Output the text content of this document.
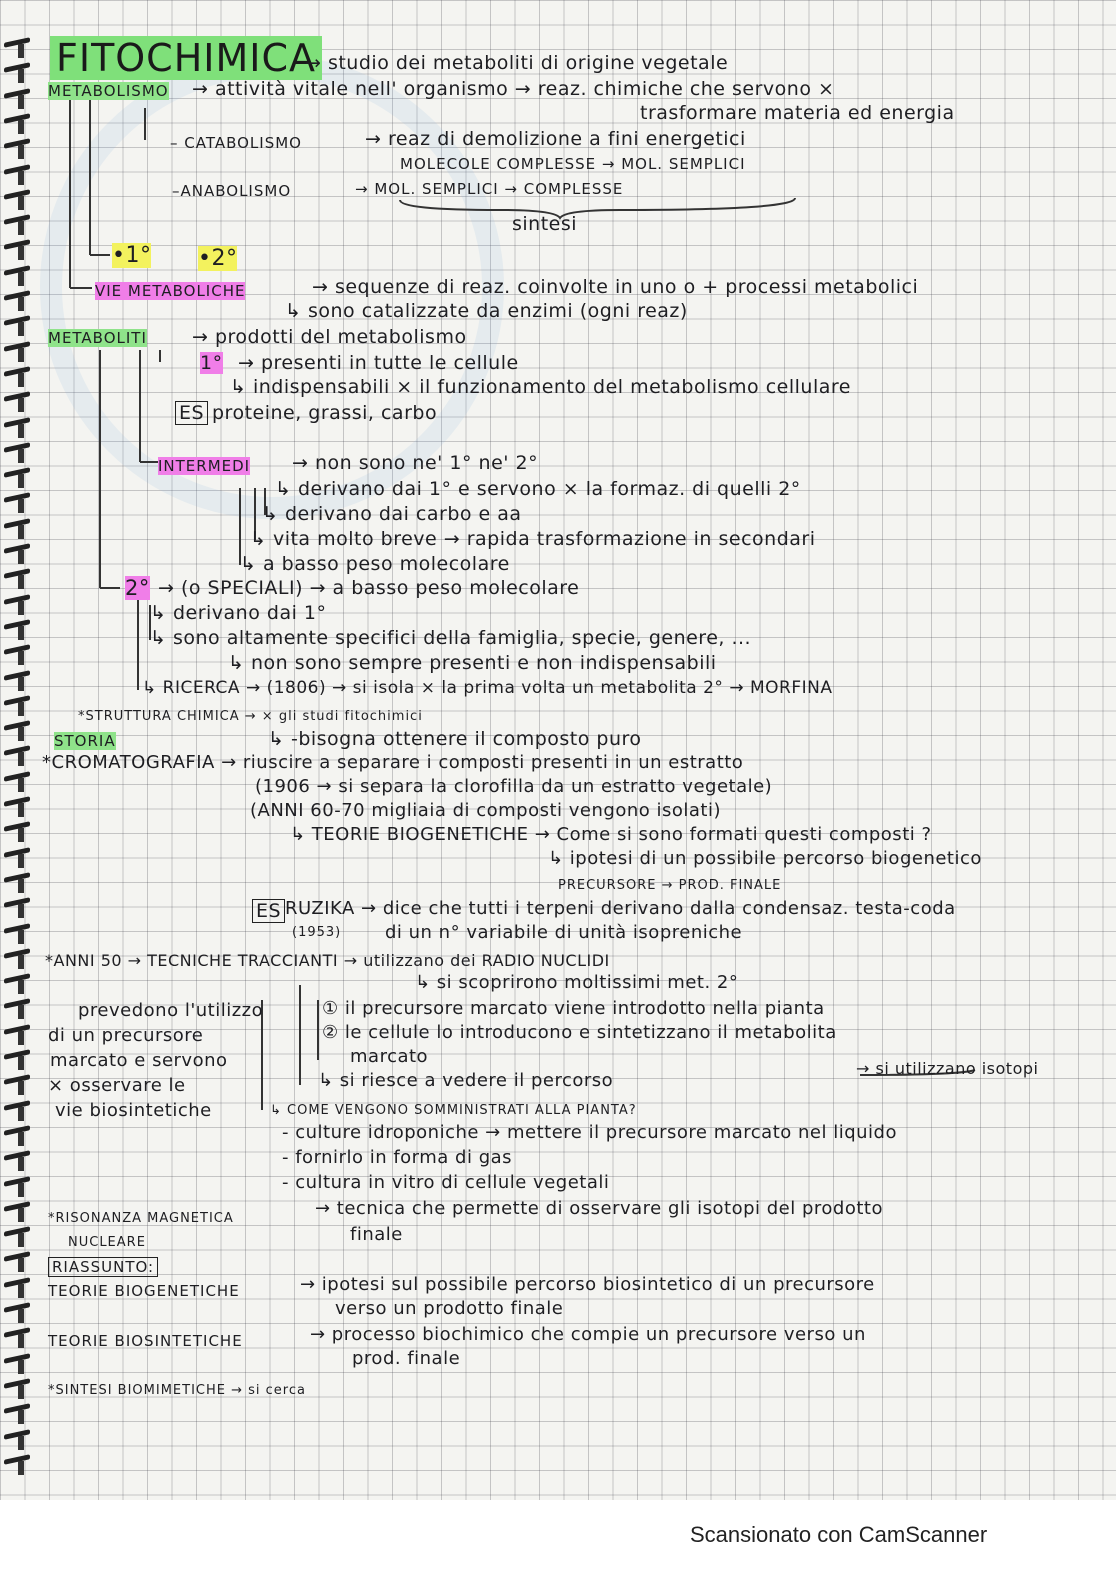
FITOCHIMICA
→ studio dei metaboliti di origine vegetale
METABOLISMO → attività vitale nell' organismo → reaz. chimiche che servono ×
trasformare materia ed energia
– CATABOLISMO	→ reaz di demolizione a fini energetici
MOLECOLE COMPLESSE → MOL. SEMPLICI
–ANABOLISMO	→ MOL. SEMPLICI → COMPLESSE
sintesi
•1° •2°
VIE METABOLICHE	→ sequenze di reaz. coinvolte in uno o + processi metabolici
↳ sono catalizzate da enzimi (ogni reaz)
METABOLITI → prodotti del metabolismo
1° → presenti in tutte le cellule
↳ indispensabili × il funzionamento del metabolismo cellulare
ES proteine, grassi, carbo
INTERMEDI → non sono ne' 1° ne' 2°
↳ derivano dai 1° e servono × la formaz. di quelli 2°
↳ derivano dai carbo e aa
↳ vita molto breve → rapida trasformazione in secondari
↳ a basso peso molecolare
2° → (o SPECIALI) → a basso peso molecolare
↳ derivano dai 1°
↳ sono altamente specifici della famiglia, specie, genere, ...
↳ non sono sempre presenti e non indispensabili
↳ RICERCA → (1806) → si isola × la prima volta un metabolita 2° → MORFINA
*STRUTTURA CHIMICA → × gli studi fitochimici
STORIA	↳ -bisogna ottenere il composto puro
*CROMATOGRAFIA → riuscire a separare i composti presenti in un estratto
(1906 → si separa la clorofilla da un estratto vegetale)
(ANNI 60-70 migliaia di composti vengono isolati)
↳ TEORIE BIOGENETICHE → Come si sono formati questi composti ?
↳ ipotesi di un possibile percorso biogenetico
PRECURSORE → PROD. FINALE
ES RUZIKA → dice che tutti i terpeni derivano dalla condensaz. testa-coda
(1953) di un n° variabile di unità isopreniche
*ANNI 50 → TECNICHE TRACCIANTI → utilizzano dei RADIO NUCLIDI
↳ si scoprirono moltissimi met. 2°
prevedono l'utilizzo
di un precursore
marcato e servono
× osservare le
vie biosintetiche
① il precursore marcato viene introdotto nella pianta
② le cellule lo introducono e sintetizzano il metabolita
marcato
↳ si riesce a vedere il percorso
→ si utilizzano isotopi
↳ COME VENGONO SOMMINISTRATI ALLA PIANTA?
- culture idroponiche → mettere il precursore marcato nel liquido
- fornirlo in forma di gas
- cultura in vitro di cellule vegetali
*RISONANZA MAGNETICA	→ tecnica che permette di osservare gli isotopi del prodotto
NUCLEARE	finale
RIASSUNTO:
TEORIE BIOGENETICHE	→ ipotesi sul possibile percorso biosintetico di un precursore
verso un prodotto finale
TEORIE BIOSINTETICHE	→ processo biochimico che compie un precursore verso un
prod. finale
*SINTESI BIOMIMETICHE → si cerca
Scansionato con CamScanner
